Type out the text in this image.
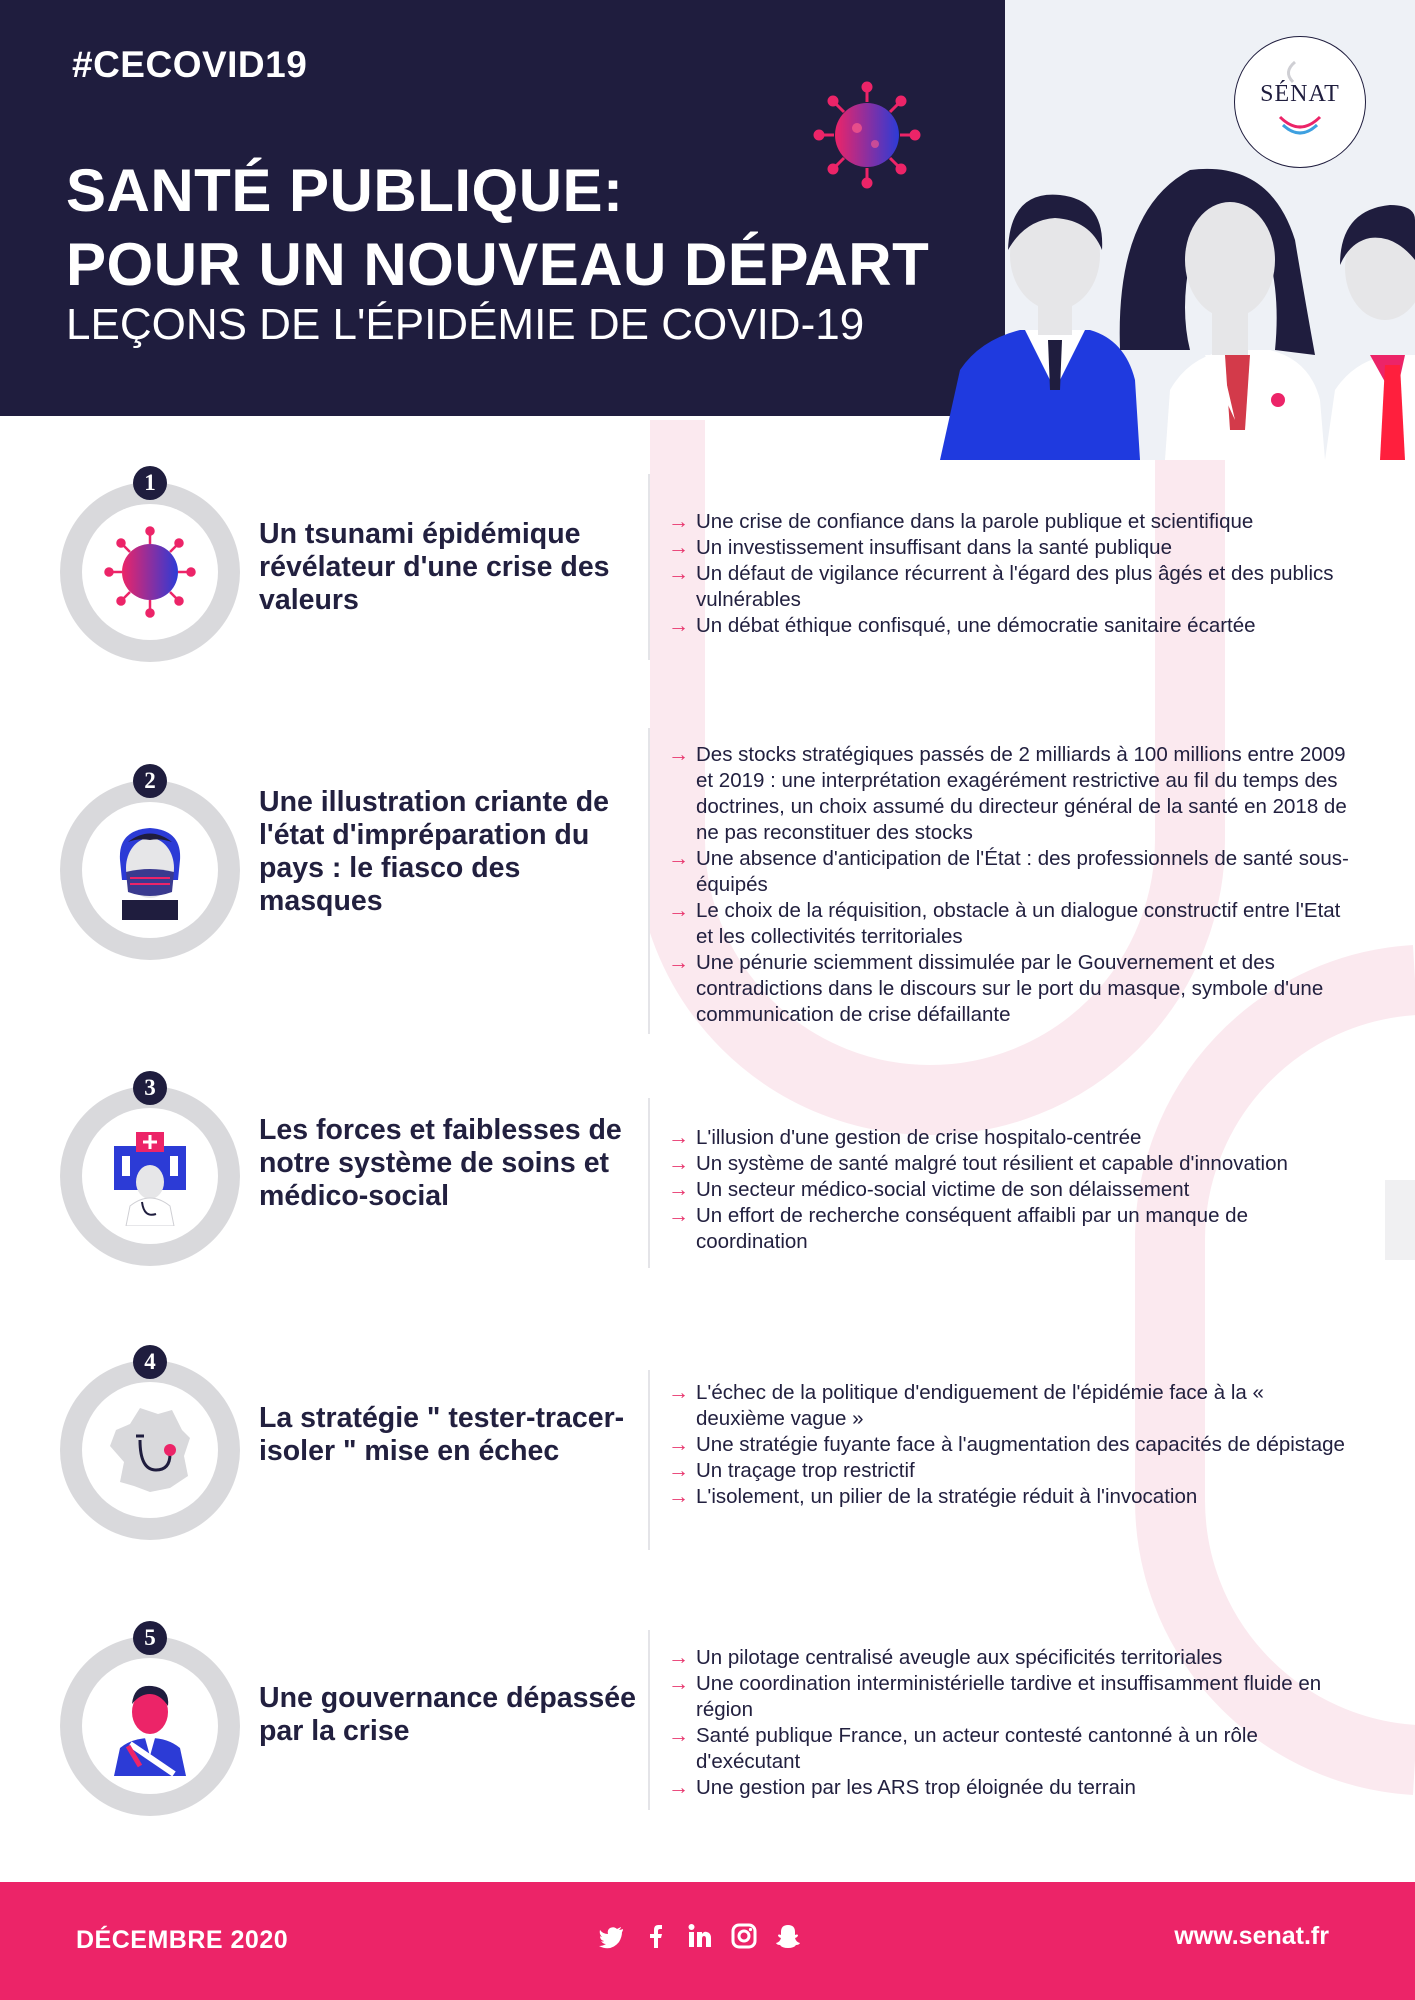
#CECOVID19
SANTÉ PUBLIQUE:
POUR UN NOUVEAU DÉPART
LEÇONS DE L'ÉPIDÉMIE DE COVID-19
SÉNAT
1
Un tsunami épidémique révélateur d'une crise des valeurs
→ Une crise de confiance dans la parole publique et scientifique
→ Un investissement insuffisant dans la santé publique
→ Un défaut de vigilance récurrent à l'égard des plus âgés et des publics vulnérables
→ Un débat éthique confisqué, une démocratie sanitaire écartée
2
Une illustration criante de l'état d'impréparation du pays : le fiasco des masques
→ Des stocks stratégiques passés de 2 milliards à 100 millions entre 2009 et 2019 : une interprétation exagérément restrictive au fil du temps des doctrines, un choix assumé du directeur général de la santé en 2018 de ne pas reconstituer des stocks
→ Une absence d'anticipation de l'État : des professionnels de santé sous-équipés
→ Le choix de la réquisition, obstacle à un dialogue constructif entre l'Etat et les collectivités territoriales
→ Une pénurie sciemment dissimulée par le Gouvernement et des contradictions dans le discours sur le port du masque, symbole d'une communication de crise défaillante
3
Les forces et faiblesses de notre système de soins et médico-social
→ L'illusion d'une gestion de crise hospitalo-centrée
→ Un système de santé malgré tout résilient et capable d'innovation
→ Un secteur médico-social victime de son délaissement
→ Un effort de recherche conséquent affaibli par un manque de coordination
4
La stratégie " tester-tracer-isoler " mise en échec
→ L'échec de la politique d'endiguement de l'épidémie face à la « deuxième vague »
→ Une stratégie fuyante face à l'augmentation des capacités de dépistage
→ Un traçage trop restrictif
→ L'isolement, un pilier de la stratégie réduit à l'invocation
5
Une gouvernance dépassée par la crise
→ Un pilotage centralisé aveugle aux spécificités territoriales
→ Une coordination interministérielle tardive et insuffisamment fluide en région
→ Santé publique France, un acteur contesté cantonné à un rôle d'exécutant
→ Une gestion par les ARS trop éloignée du terrain
DÉCEMBRE 2020	www.senat.fr
